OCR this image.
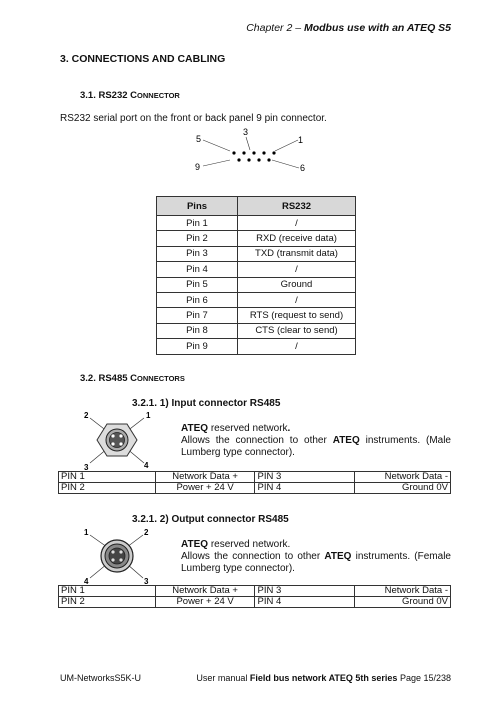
Chapter 2 – Modbus use with an ATEQ S5
3. CONNECTIONS AND CABLING
3.1. RS232 CONNECTOR
RS232 serial port on the front or back panel 9 pin connector.
5
3
1
9	6
Pins	RS232
Pin 1	/
Pin 2	RXD (receive data)
Pin 3	TXD (transmit data)
Pin 4	/
Pin 5	Ground
Pin 6	/
Pin 7	RTS (request to send)
Pin 8	CTS (clear to send)
Pin 9	/
3.2. RS485 CONNECTORS
3.2.1. 1) Input connector RS485
2	1
3	4
ATEQ reserved network.
Allows the connection to other ATEQ instruments. (Male
Lumberg type connector).
PIN 1	Network Data +	PIN 3	Network Data -
PIN 2	Power + 24 V	PIN 4	Ground 0V
3.2.1. 2) Output connector RS485
1	2
4	3
ATEQ reserved network.
Allows the connection to other ATEQ instruments. (Female
Lumberg type connector).
PIN 1	Network Data +	PIN 3	Network Data -
PIN 2	Power + 24 V	PIN 4	Ground 0V
UM-NetworksS5K-U	User manual Field bus network ATEQ 5th series Page 15/238
